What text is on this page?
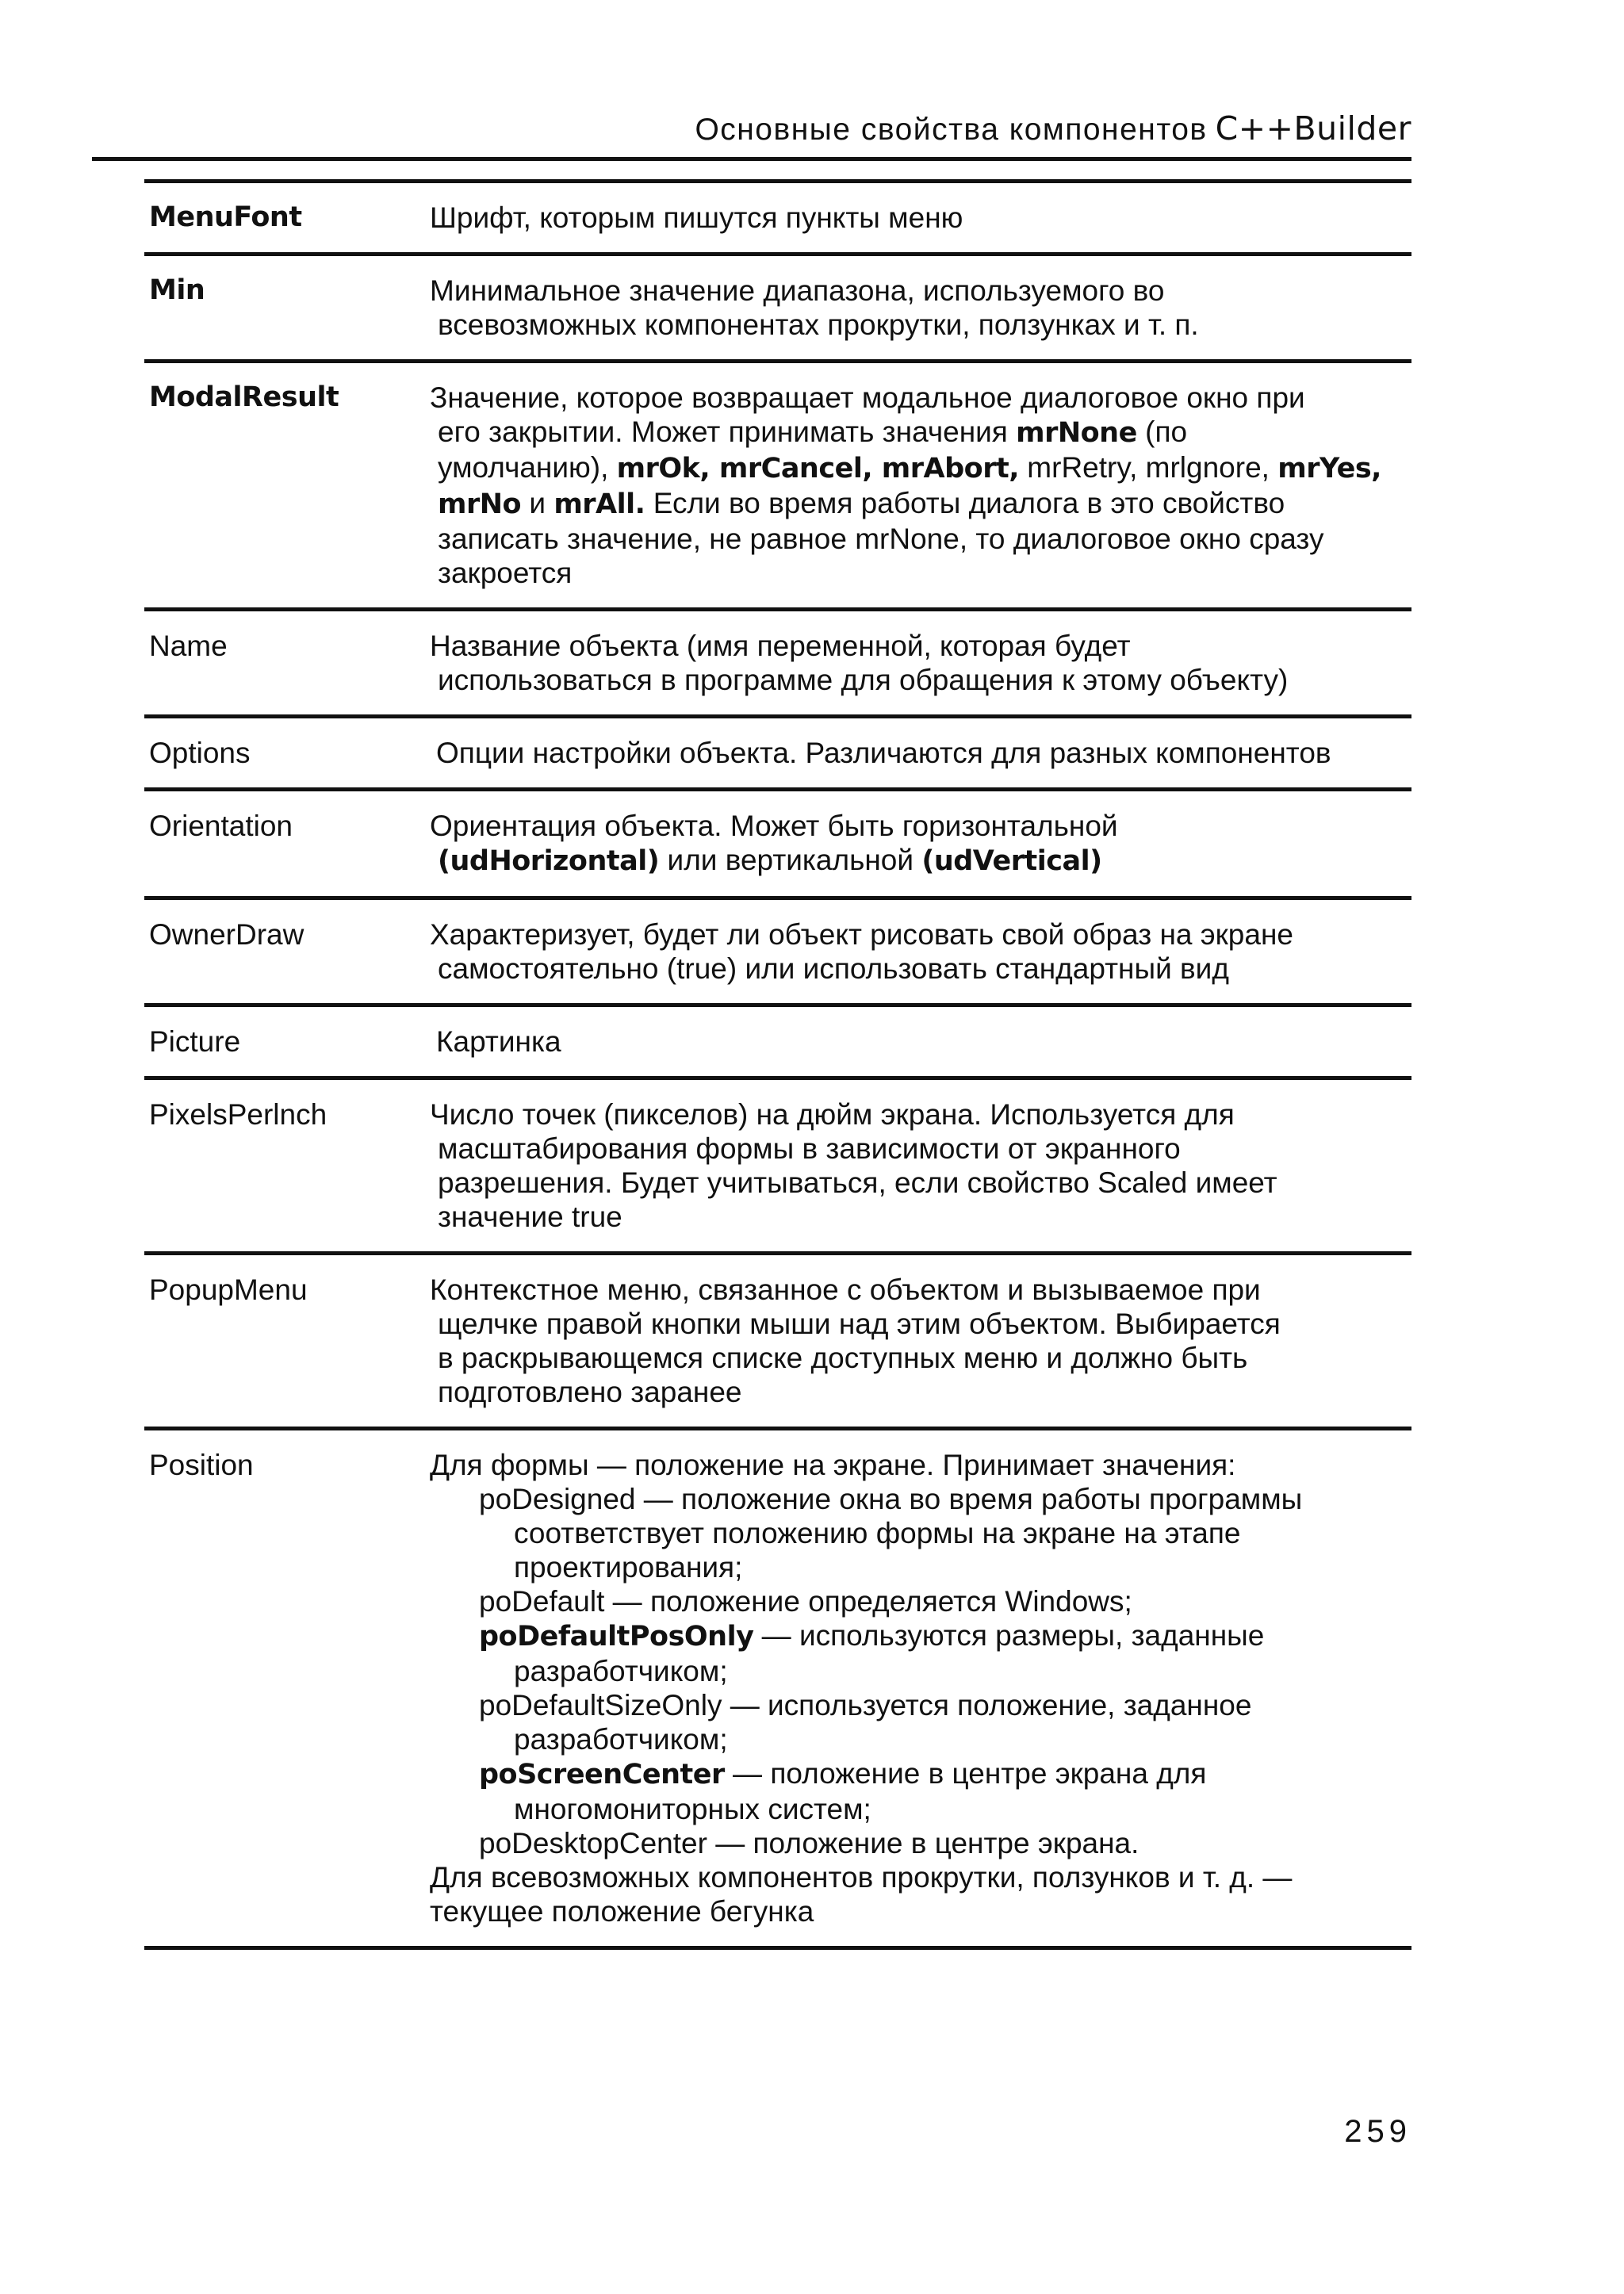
Основные свойства компонентов C++Builder
MenuFont	Шрифт, которым пишутся пункты меню
Min	Минимальное значение диапазона, используемого во
всевозможных компонентах прокрутки, ползунках и т. п.
ModalResult	Значение, которое возвращает модальное диалоговое окно при
его закрытии. Может принимать значения mrNone (по
умолчанию), mrOk, mrCancel, mrAbort, mrRetry, mrlgnore, mrYes,
mrNo и mrAll. Если во время работы диалога в это свойство
записать значение, не равное mrNone, то диалоговое окно сразу
закроется
Name	Название объекта (имя переменной, которая будет
использоваться в программе для обращения к этому объекту)
Options	Опции настройки объекта. Различаются для разных компонентов
Orientation	Ориентация объекта. Может быть горизонтальной
(udHorizontal) или вертикальной (udVertical)
OwnerDraw	Характеризует, будет ли объект рисовать свой образ на экране
самостоятельно (true) или использовать стандартный вид
Picture	Картинка
PixelsPerlnch	Число точек (пикселов) на дюйм экрана. Используется для
масштабирования формы в зависимости от экранного
разрешения. Будет учитываться, если свойство Scaled имеет
значение true
PopupMenu	Контекстное меню, связанное с объектом и вызываемое при
щелчке правой кнопки мыши над этим объектом. Выбирается
в раскрывающемся списке доступных меню и должно быть
подготовлено заранее
Position	Для формы — положение на экране. Принимает значения:
poDesigned — положение окна во время работы программы
соответствует положению формы на экране на этапе
проектирования;
poDefault — положение определяется Windows;
poDefaultPosOnly — используются размеры, заданные
разработчиком;
poDefaultSizeOnly — используется положение, заданное
разработчиком;
poScreenCenter — положение в центре экрана для
многомониторных систем;
poDesktopCenter — положение в центре экрана.
Для всевозможных компонентов прокрутки, ползунков и т. д. —
текущее положение бегунка
259
